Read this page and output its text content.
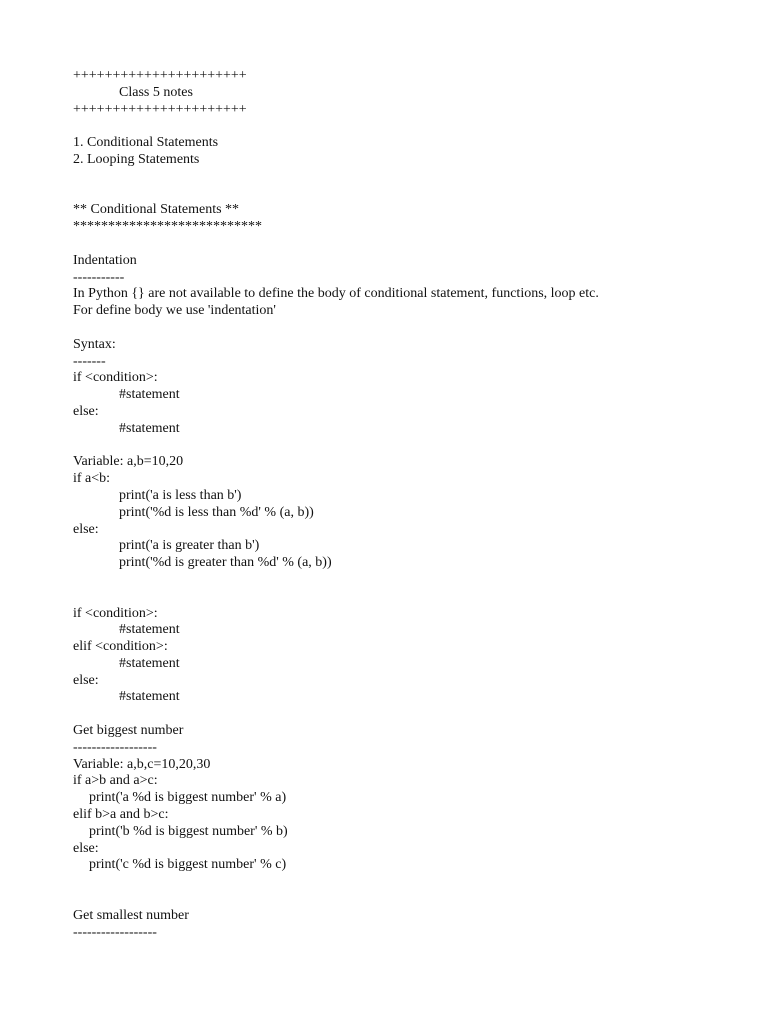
++++++++++++++++++++++
Class 5 notes
++++++++++++++++++++++
1. Conditional Statements
2. Looping Statements
** Conditional Statements **
***************************
Indentation
-----------
In Python {} are not available to define the body of conditional statement, functions, loop etc.
For define body we use 'indentation'
Syntax:
-------
if <condition>:
#statement
else:
#statement
Variable: a,b=10,20
if a<b:
print('a is less than b')
print('%d is less than %d' % (a, b))
else:
print('a is greater than b')
print('%d is greater than %d' % (a, b))
if <condition>:
#statement
elif <condition>:
#statement
else:
#statement
Get biggest number
------------------
Variable: a,b,c=10,20,30
if a>b and a>c:
print('a %d is biggest number' % a)
elif b>a and b>c:
print('b %d is biggest number' % b)
else:
print('c %d is biggest number' % c)
Get smallest number
------------------
